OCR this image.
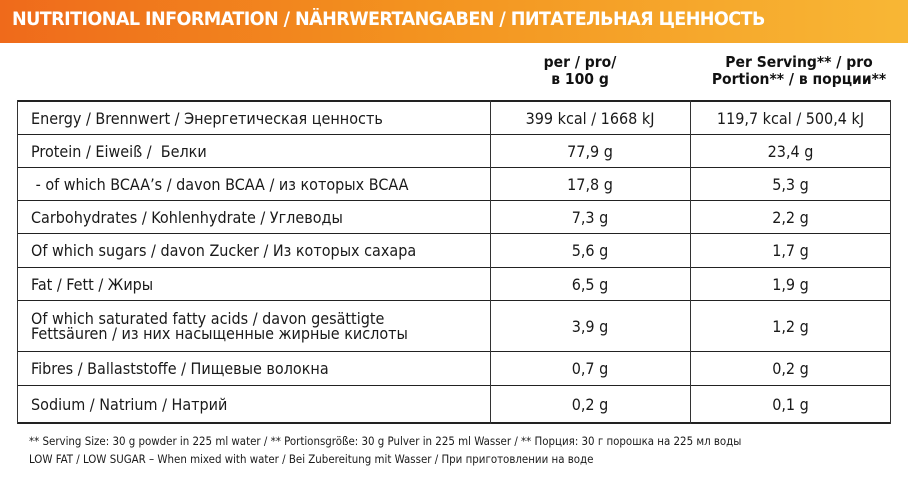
NUTRITIONAL INFORMATION / NÄHRWERTANGABEN / ПИТАТЕЛЬНАЯ ЦЕННОСТЬ
per / pro/
в 100 g
Per Serving** / pro
Portion** / в порции**
Energy / Brennwert / Энергетическая ценность	399 kcal / 1668 kJ	119,7 kcal / 500,4 kJ
Protein / Eiweiß /  Белки	77,9 g	23,4 g
- of which BCAA’s / davon BCAA / из которых BCAA	17,8 g	5,3 g
Carbohydrates / Kohlenhydrate / Углеводы	7,3 g	2,2 g
Of which sugars / davon Zucker / Из которых сахара	5,6 g	1,7 g
Fat / Fett / Жиры	6,5 g	1,9 g
Of which saturated fatty acids / davon gesättigte
Fettsäuren / из них насыщенные жирные кислоты	3,9 g	1,2 g
Fibres / Ballaststoffe / Пищевые волокна	0,7 g	0,2 g
Sodium / Natrium / Натрий	0,2 g	0,1 g
** Serving Size: 30 g powder in 225 ml water / ** Portionsgröße: 30 g Pulver in 225 ml Wasser / ** Порция: 30 г порошка на 225 мл воды
LOW FAT / LOW SUGAR – When mixed with water / Bei Zubereitung mit Wasser / При приготовлении на воде
